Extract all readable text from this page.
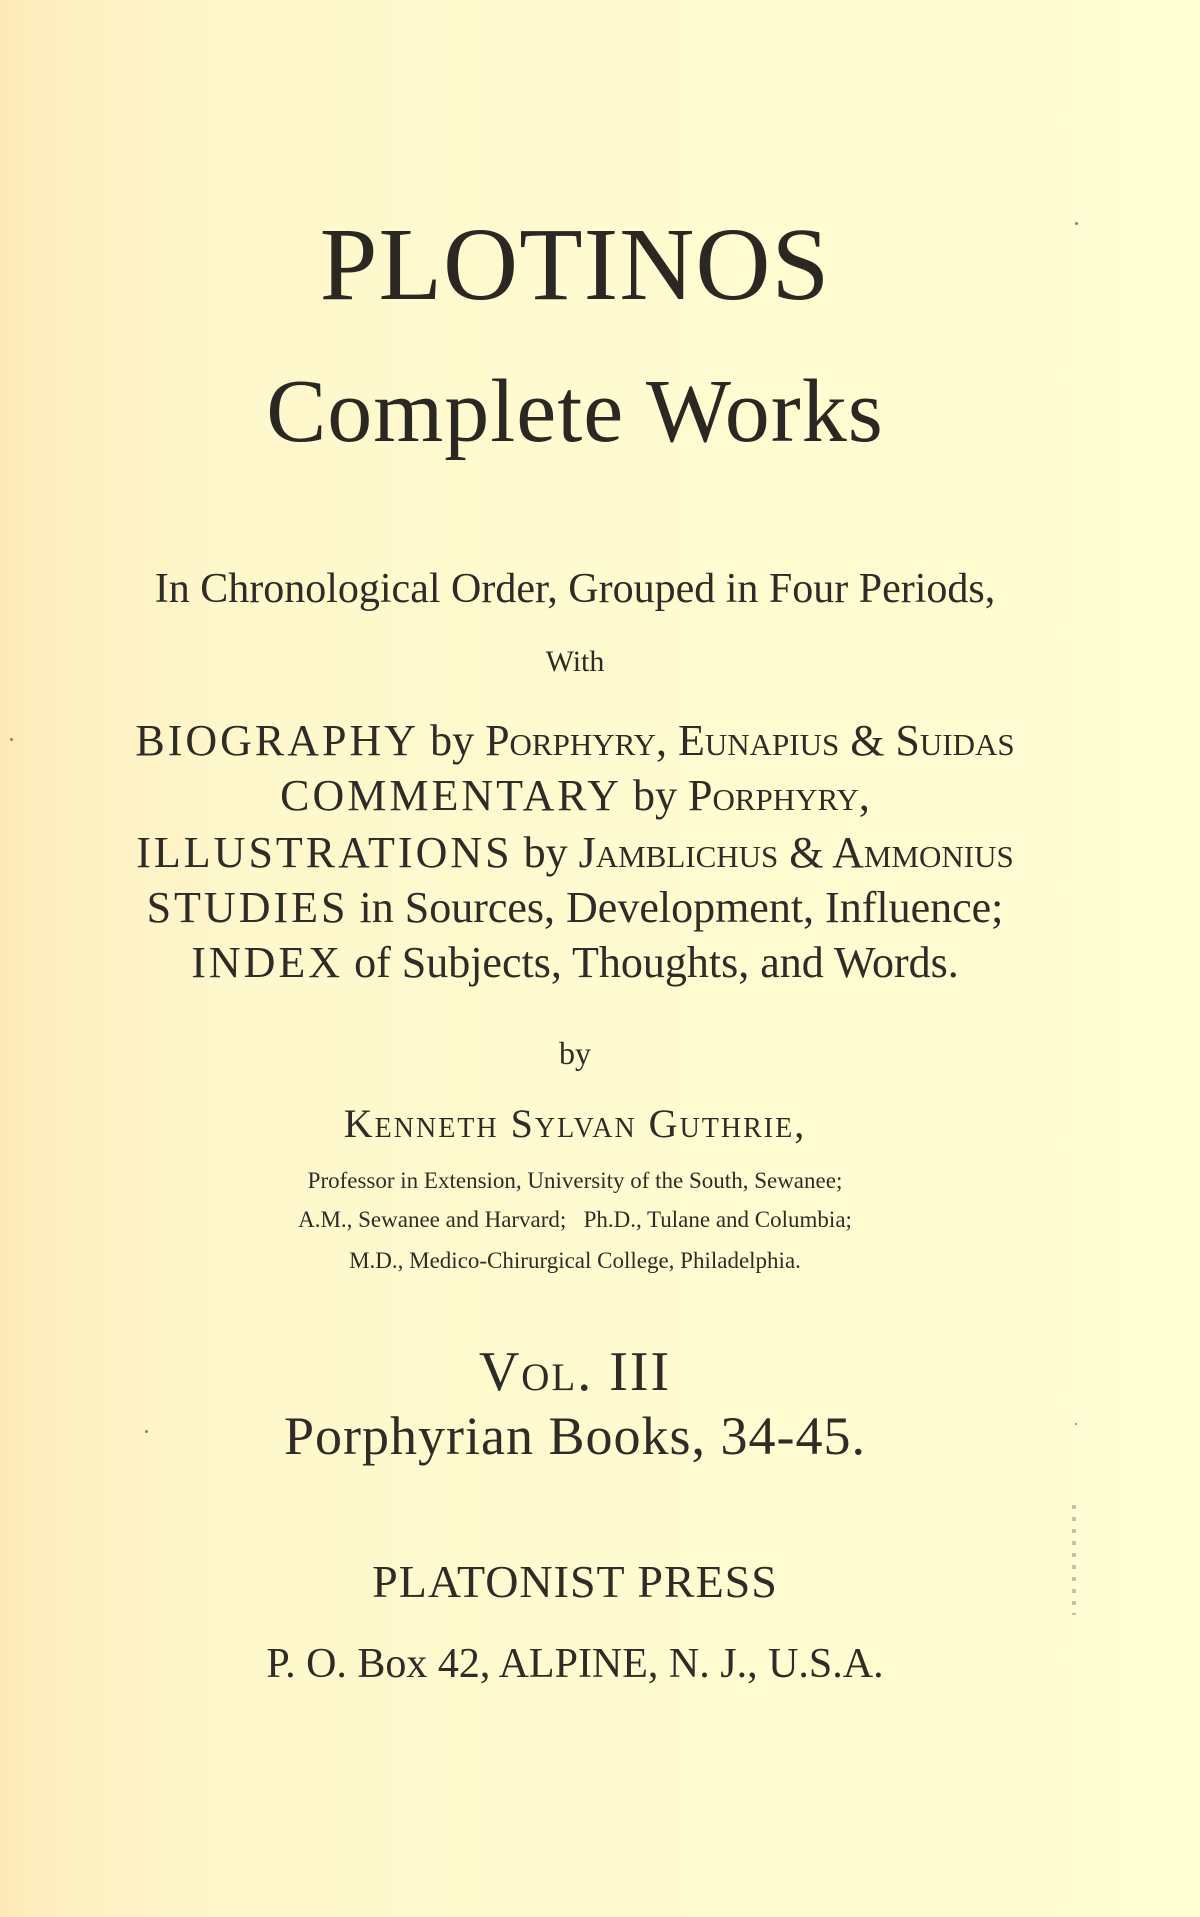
PLOTINOS
Complete Works
In Chronological Order, Grouped in Four Periods,
With
BIOGRAPHY by Porphyry, Eunapius & Suidas
COMMENTARY by Porphyry,
ILLUSTRATIONS by Jamblichus & Ammonius
STUDIES in Sources, Development, Influence;
INDEX of Subjects, Thoughts, and Words.
by
Kenneth Sylvan Guthrie,
Professor in Extension, University of the South, Sewanee;
A.M., Sewanee and Harvard;   Ph.D., Tulane and Columbia;
M.D., Medico-Chirurgical College, Philadelphia.
Vol. III
Porphyrian Books, 34-45.
PLATONIST PRESS
P. O. Box 42, ALPINE, N. J., U.S.A.
